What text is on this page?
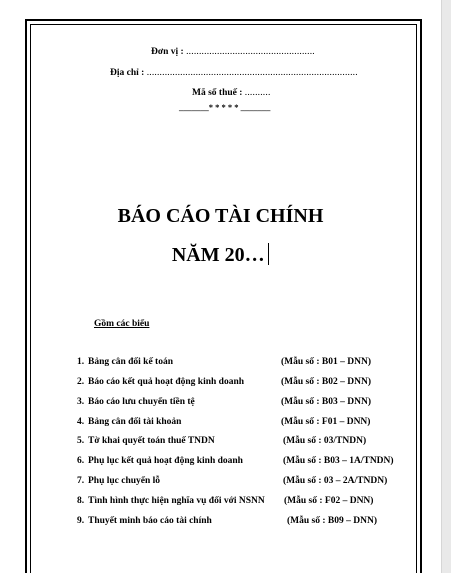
Đơn vị : ..................................................
Địa chỉ : ..................................................................................
Mã số thuế : ..........
_______* * * * * _______
BÁO CÁO TÀI CHÍNH
NĂM 20…
Gồm các biểu
1. Bảng cân đối kế toán	(Mẫu số : B01 – DNN)
2. Báo cáo kết quả hoạt động kinh doanh	(Mẫu số : B02 – DNN)
3. Báo cáo lưu chuyển tiền tệ	(Mẫu số : B03 – DNN)
4. Bảng cân đối tài khoản	(Mẫu số : F01 – DNN)
5. Tờ khai quyết toán thuế TNDN	(Mẫu số : 03/TNDN)
6. Phụ lục kết quả hoạt động kinh doanh	(Mẫu số : B03 – 1A/TNDN)
7. Phụ lục chuyển lỗ	(Mẫu số : 03 – 2A/TNDN)
8. Tình hình thực hiện nghĩa vụ đối với NSNN (Mẫu số : F02 – DNN)
9. Thuyết minh báo cáo tài chính	(Mẫu số : B09 – DNN)
